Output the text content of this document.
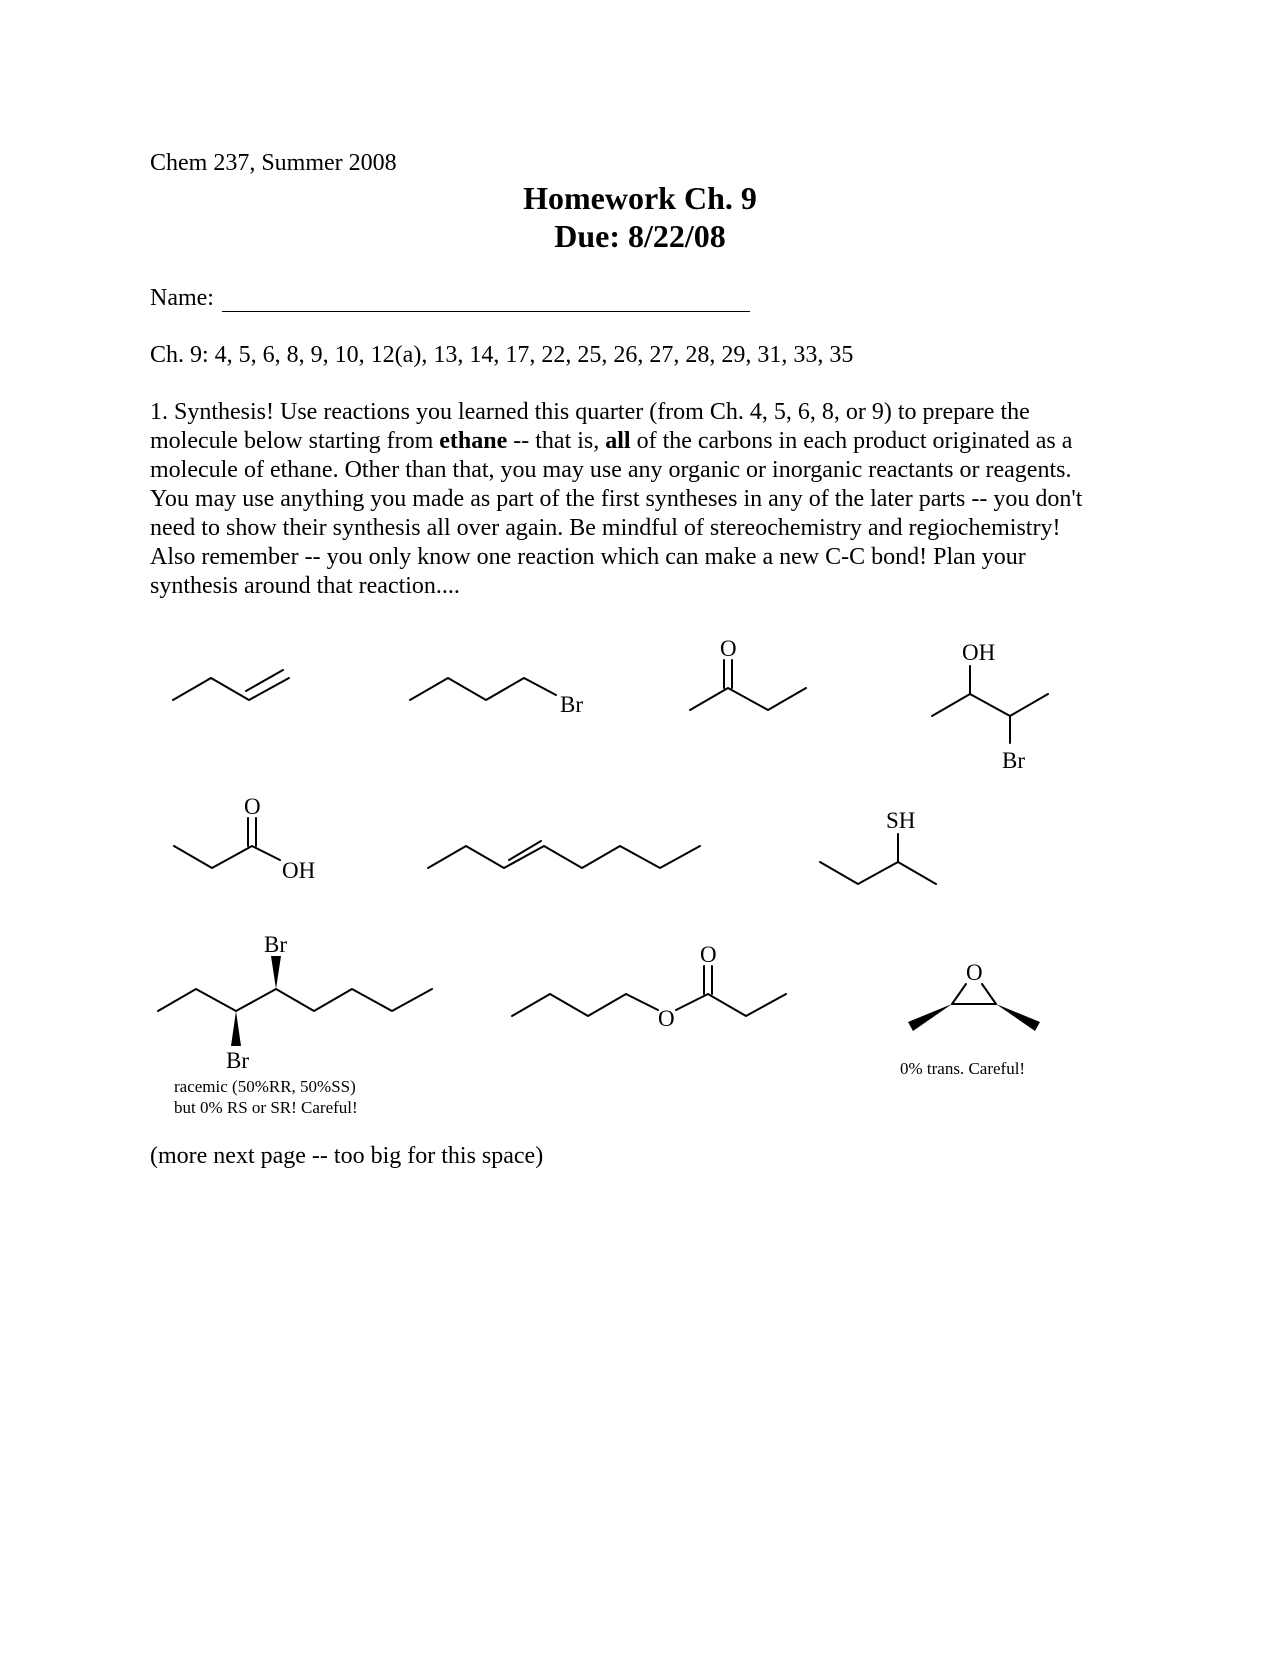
Chem 237, Summer 2008
Homework Ch. 9
Due: 8/22/08
Name:
Ch. 9: 4, 5, 6, 8, 9, 10, 12(a), 13, 14, 17, 22, 25, 26, 27, 28, 29, 31, 33, 35

1. Synthesis! Use reactions you learned this quarter (from Ch. 4, 5, 6, 8, or 9) to prepare the

molecule below starting from ethane -- that is, all of the carbons in each product originated as a

molecule of ethane. Other than that, you may use any organic or inorganic reactants or reagents.

You may use anything you made as part of the first syntheses in any of the later parts -- you don't

need to show their synthesis all over again. Be mindful of stereochemistry and regiochemistry!

Also remember -- you only know one reaction which can make a new C-C bond! Plan your

synthesis around that reaction....

Br
O	OH
Br
O
OH
SH
Br
Br
O
O
O
racemic (50%RR, 50%SS)
but 0% RS or SR! Careful!
0% trans. Careful!
(more next page -- too big for this space)
